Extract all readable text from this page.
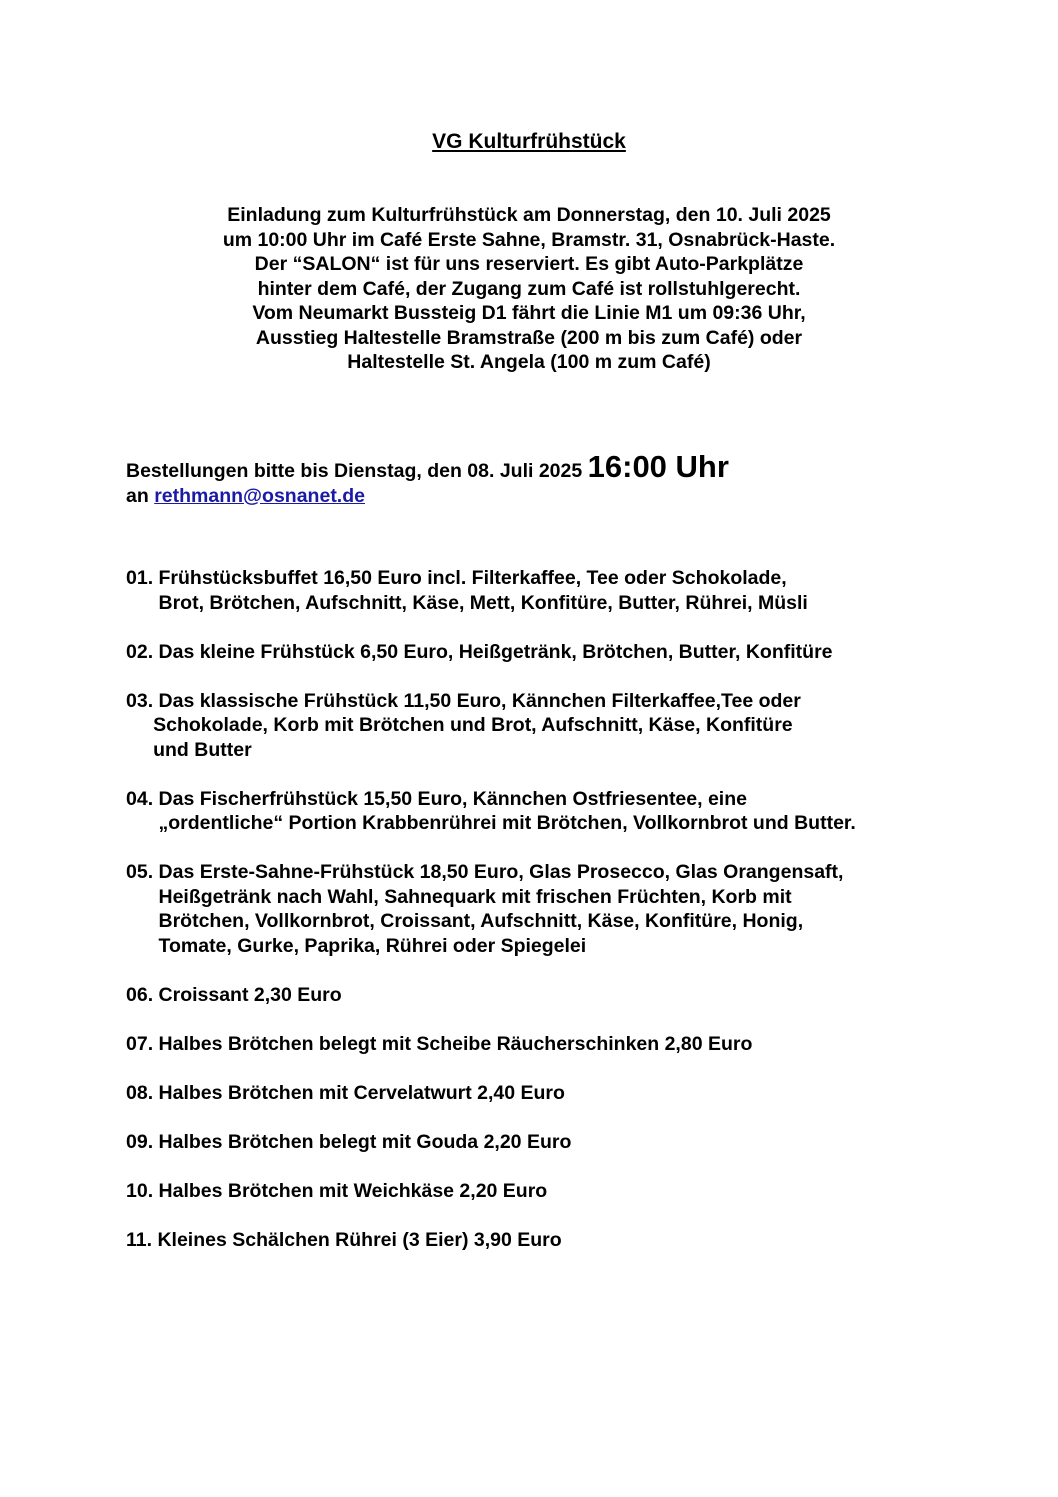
VG Kulturfrühstück
Einladung zum Kulturfrühstück am Donnerstag, den 10. Juli 2025
um 10:00 Uhr im Café Erste Sahne, Bramstr. 31, Osnabrück-Haste.
Der “SALON“ ist für uns reserviert. Es gibt Auto-Parkplätze
hinter dem Café, der Zugang zum Café ist rollstuhlgerecht.
Vom Neumarkt Bussteig D1 fährt die Linie M1 um 09:36 Uhr,
Ausstieg Haltestelle Bramstraße (200 m bis zum Café) oder
Haltestelle St. Angela (100 m zum Café)
Bestellungen bitte bis Dienstag, den 08. Juli 2025 16:00 Uhr
an rethmann@osnanet.de
01. Frühstücksbuffet 16,50 Euro incl. Filterkaffee, Tee oder Schokolade,
Brot, Brötchen, Aufschnitt, Käse, Mett, Konfitüre, Butter, Rührei, Müsli
02. Das kleine Frühstück 6,50 Euro, Heißgetränk, Brötchen, Butter, Konfitüre
03. Das klassische Frühstück 11,50 Euro, Kännchen Filterkaffee,Tee oder
Schokolade, Korb mit Brötchen und Brot, Aufschnitt, Käse, Konfitüre
und Butter
04. Das Fischerfrühstück 15,50 Euro, Kännchen Ostfriesentee, eine
„ordentliche“ Portion Krabbenrührei mit Brötchen, Vollkornbrot und Butter.
05. Das Erste-Sahne-Frühstück 18,50 Euro, Glas Prosecco, Glas Orangensaft,
Heißgetränk nach Wahl, Sahnequark mit frischen Früchten, Korb mit
Brötchen, Vollkornbrot, Croissant, Aufschnitt, Käse, Konfitüre, Honig,
Tomate, Gurke, Paprika, Rührei oder Spiegelei
06. Croissant 2,30 Euro
07. Halbes Brötchen belegt mit Scheibe Räucherschinken 2,80 Euro
08. Halbes Brötchen mit Cervelatwurt 2,40 Euro
09. Halbes Brötchen belegt mit Gouda 2,20 Euro
10. Halbes Brötchen mit Weichkäse 2,20 Euro
11. Kleines Schälchen Rührei (3 Eier) 3,90 Euro
